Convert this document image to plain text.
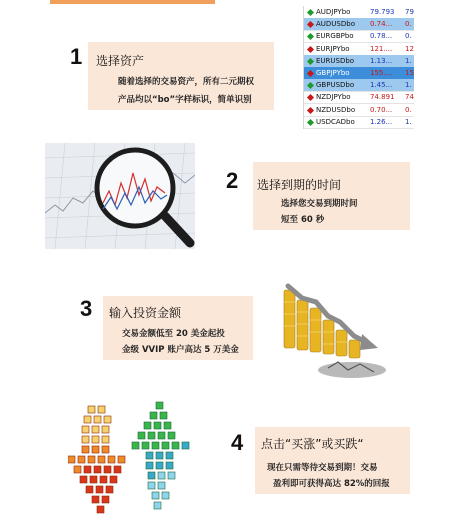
AUDJPYbo	79.793 79
AUDUSDbo 0.74... 0.
EURGBPbo 0.78... 0.
EURJPYbo	121.... 12
EURUSDbo 1.13... 1.
GBPJPYbo	155.... 15
GBPUSDbo 1.45... 1.
NZDJPYbo	74.891 74
NZDUSDbo 0.70... 0.
USDCADbo 1.26... 1.
1 选择资产
随着选择的交易资产，所有二元期权
产品均以“bo”字样标识，简单识别
2 选择到期的时间
选择您交易到期时间
短至 60 秒
3 输入投资金额
交易金额低至 20 美金起投
金级 VVIP 账户高达 5 万美金
4 点击“买涨”或买跌“
现在只需等待交易到期！交易
盈利即可获得高达 82%的回报
